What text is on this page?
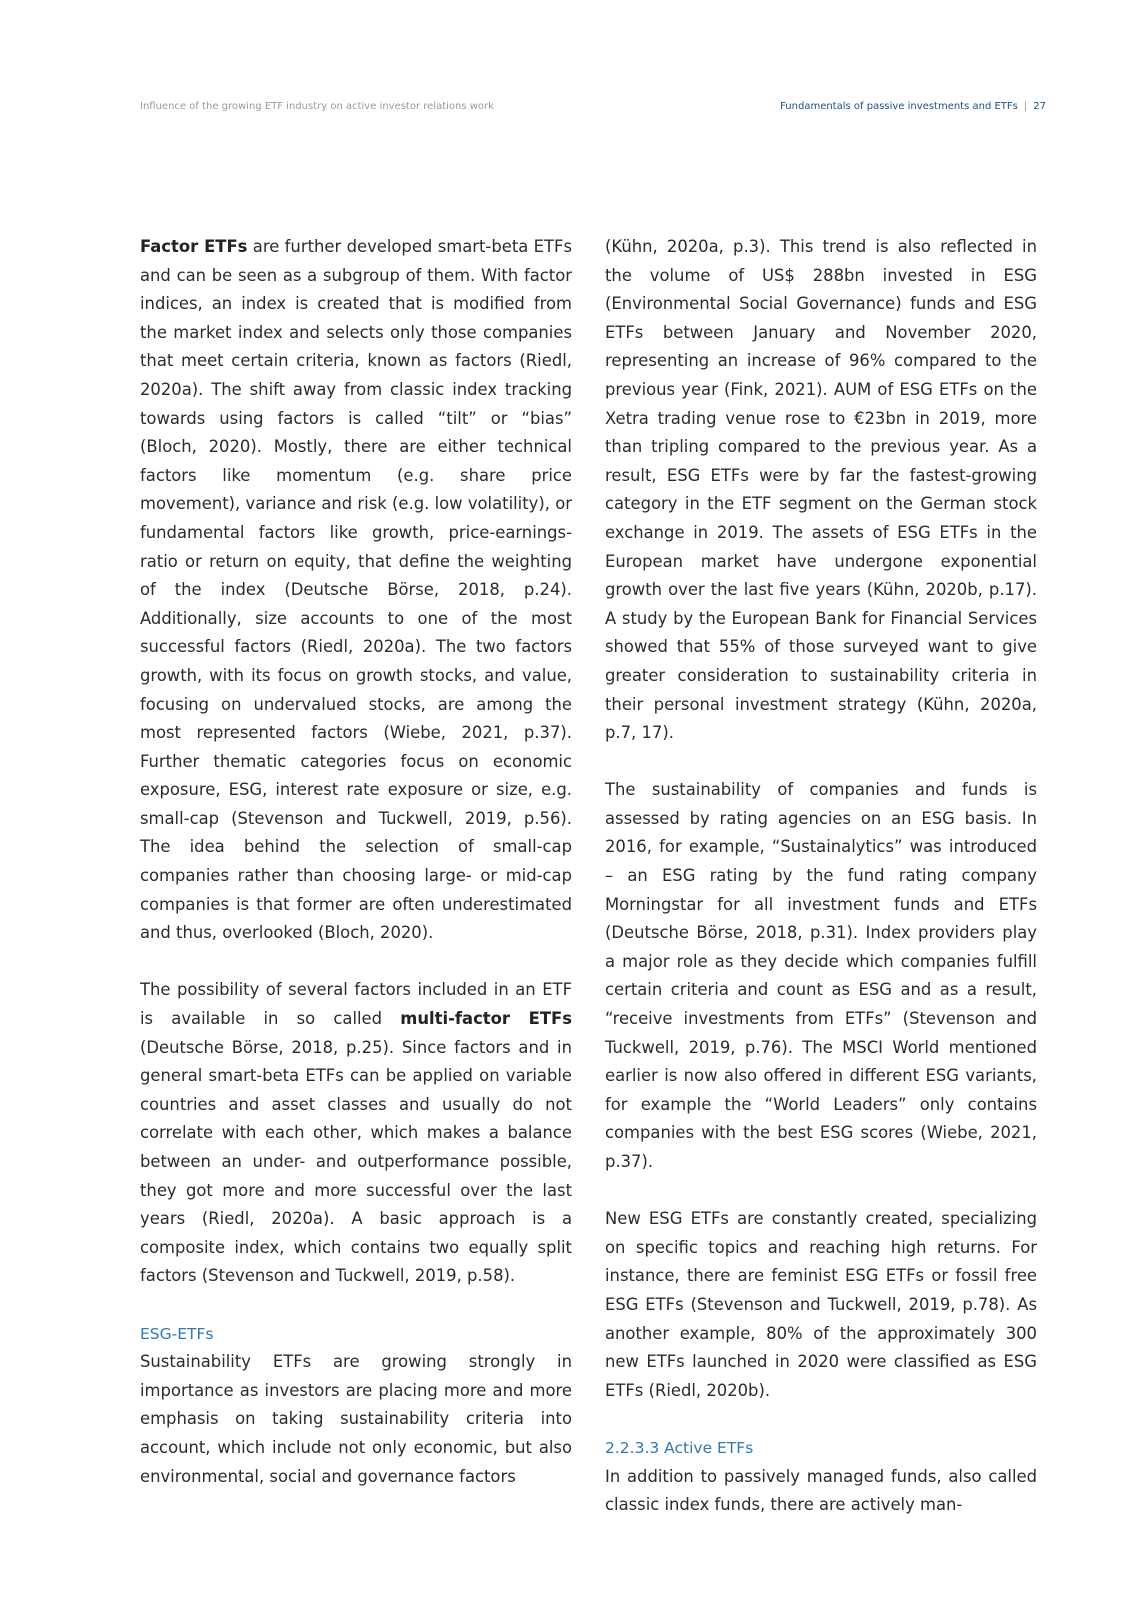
Influence of the growing ETF industry on active investor relations work	Fundamentals of passive investments and ETFs | 27

Factor ETFs are further developed smart-beta ETFs and can be seen as a subgroup of them. With factor indices, an index is created that is modified from the market index and selects only those companies that meet certain criteria, known as factors (Riedl, 2020a). The shift away from classic index tracking towards using factors is called “tilt” or “bias” (Bloch, 2020). Mostly, there are either technical factors like momentum (e.g. share price movement), variance and risk (e.g. low volatility), or fundamental factors like growth, price-earnings-ratio or return on equity, that define the weighting of the index (Deutsche Börse, 2018, p.24). Additionally, size accounts to one of the most successful factors (Riedl, 2020a). The two factors growth, with its focus on growth stocks, and value, focusing on undervalued stocks, are among the most represented factors (Wiebe, 2021, p.37). Further thematic categories focus on economic exposure, ESG, interest rate exposure or size, e.g. small-cap (Stevenson and Tuckwell, 2019, p.56). The idea behind the selection of small-cap companies rather than choosing large- or mid-cap companies is that former are often underestimated and thus, overlooked (Bloch, 2020).

The possibility of several factors included in an ETF is available in so called multi-factor ETFs (Deutsche Börse, 2018, p.25). Since factors and in general smart-beta ETFs can be applied on variable countries and asset classes and usually do not correlate with each other, which makes a balance between an under- and outperformance possible, they got more and more successful over the last years (Riedl, 2020a). A basic approach is a composite index, which contains two equally split factors (Stevenson and Tuckwell, 2019, p.58).

ESG-ETFs

Sustainability ETFs are growing strongly in importance as investors are placing more and more emphasis on taking sustainability criteria into account, which include not only economic, but also environmental, social and governance factors

(Kühn, 2020a, p.3). This trend is also reflected in the volume of US$ 288bn invested in ESG (Environmental Social Governance) funds and ESG ETFs between January and November 2020, representing an increase of 96% compared to the previous year (Fink, 2021). AUM of ESG ETFs on the Xetra trading venue rose to €23bn in 2019, more than tripling compared to the previous year. As a result, ESG ETFs were by far the fastest-growing category in the ETF segment on the German stock exchange in 2019. The assets of ESG ETFs in the European market have undergone exponential growth over the last five years (Kühn, 2020b, p.17). A study by the European Bank for Financial Services showed that 55% of those surveyed want to give greater consideration to sustainability criteria in their personal investment strategy (Kühn, 2020a, p.7, 17).

The sustainability of companies and funds is assessed by rating agencies on an ESG basis. In 2016, for example, “Sustainalytics” was introduced – an ESG rating by the fund rating company Morningstar for all investment funds and ETFs (Deutsche Börse, 2018, p.31). Index providers play a major role as they decide which companies fulfill certain criteria and count as ESG and as a result, “receive investments from ETFs” (Stevenson and Tuckwell, 2019, p.76). The MSCI World mentioned earlier is now also offered in different ESG variants, for example the “World Leaders” only contains companies with the best ESG scores (Wiebe, 2021, p.37).

New ESG ETFs are constantly created, specializing on specific topics and reaching high returns. For instance, there are feminist ESG ETFs or fossil free ESG ETFs (Stevenson and Tuckwell, 2019, p.78). As another example, 80% of the approximately 300 new ETFs launched in 2020 were classified as ESG ETFs (Riedl, 2020b).

2.2.3.3 Active ETFs

In addition to passively managed funds, also called classic index funds, there are actively man-
